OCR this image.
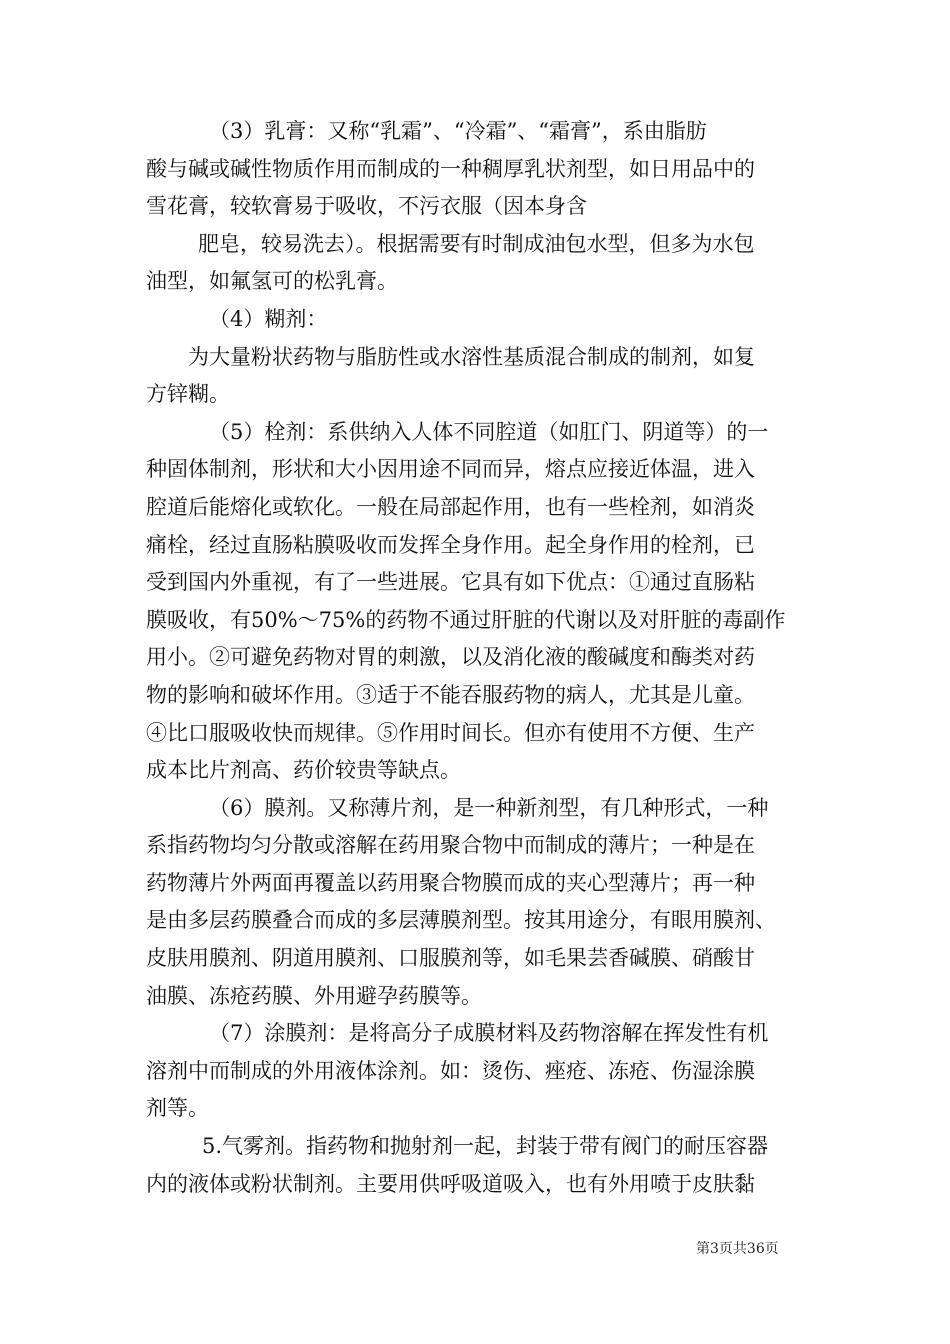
（3）乳膏：又称“乳霜”、“冷霜”、“霜膏”，系由脂肪
酸与碱或碱性物质作用而制成的一种稠厚乳状剂型，如日用品中的
雪花膏，较软膏易于吸收，不污衣服（因本身含
肥皂，较易洗去）。根据需要有时制成油包水型，但多为水包
油型，如氟氢可的松乳膏。
（4）糊剂：
为大量粉状药物与脂肪性或水溶性基质混合制成的制剂，如复
方锌糊。
（5）栓剂：系供纳入人体不同腔道（如肛门、阴道等）的一
种固体制剂，形状和大小因用途不同而异，熔点应接近体温，进入
腔道后能熔化或软化。一般在局部起作用，也有一些栓剂，如消炎
痛栓，经过直肠粘膜吸收而发挥全身作用。起全身作用的栓剂，已
受到国内外重视，有了一些进展。它具有如下优点：①通过直肠粘
膜吸收，有50%～75%的药物不通过肝脏的代谢以及对肝脏的毒副作
用小。②可避免药物对胃的刺激，以及消化液的酸碱度和酶类对药
物的影响和破坏作用。③适于不能吞服药物的病人，尤其是儿童。
④比口服吸收快而规律。⑤作用时间长。但亦有使用不方便、生产
成本比片剂高、药价较贵等缺点。
（6）膜剂。又称薄片剂，是一种新剂型，有几种形式，一种
系指药物均匀分散或溶解在药用聚合物中而制成的薄片；一种是在
药物薄片外两面再覆盖以药用聚合物膜而成的夹心型薄片；再一种
是由多层药膜叠合而成的多层薄膜剂型。按其用途分，有眼用膜剂、
皮肤用膜剂、阴道用膜剂、口服膜剂等，如毛果芸香碱膜、硝酸甘
油膜、冻疮药膜、外用避孕药膜等。
（7）涂膜剂：是将高分子成膜材料及药物溶解在挥发性有机
溶剂中而制成的外用液体涂剂。如：烫伤、痤疮、冻疮、伤湿涂膜
剂等。
5.气雾剂。指药物和抛射剂一起，封装于带有阀门的耐压容器
内的液体或粉状制剂。主要用供呼吸道吸入，也有外用喷于皮肤黏
第3页共36页
